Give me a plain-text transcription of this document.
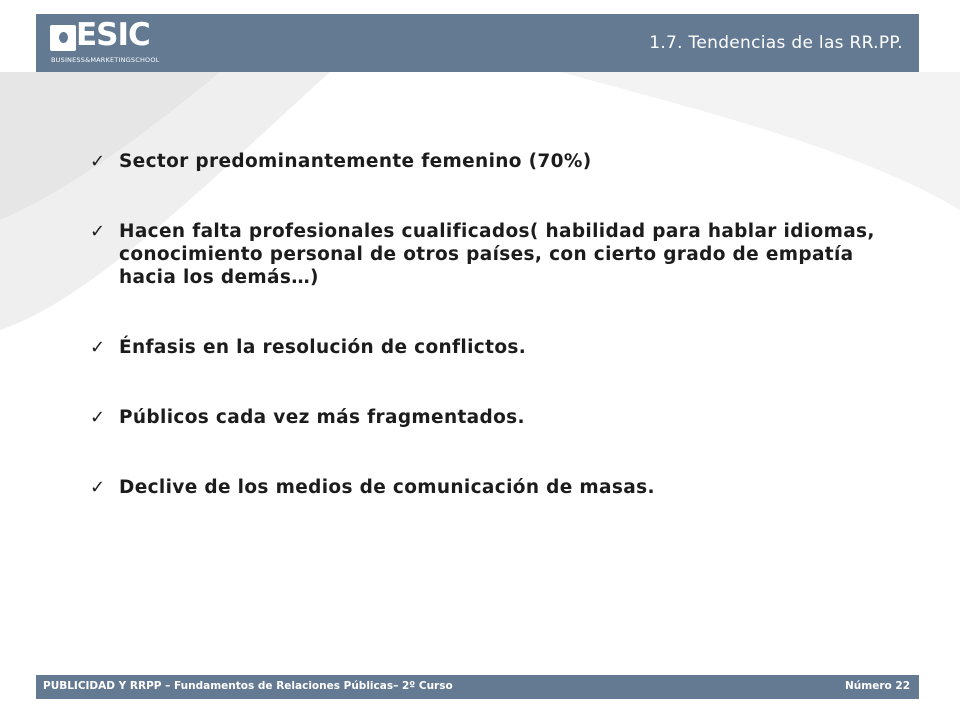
ESIC
BUSINESS&MARKETINGSCHOOL
1.7. Tendencias de las RR.PP.
✓ Sector predominantemente femenino (70%)
✓ Hacen falta profesionales cualificados( habilidad para hablar idiomas, conocimiento personal de otros países, con cierto grado de empatía hacia los demás…)
✓ Énfasis en la resolución de conflictos.
✓ Públicos cada vez más fragmentados.
✓ Declive de los medios de comunicación de masas.
PUBLICIDAD Y RRPP – Fundamentos de Relaciones Públicas– 2º Curso	Número 22
